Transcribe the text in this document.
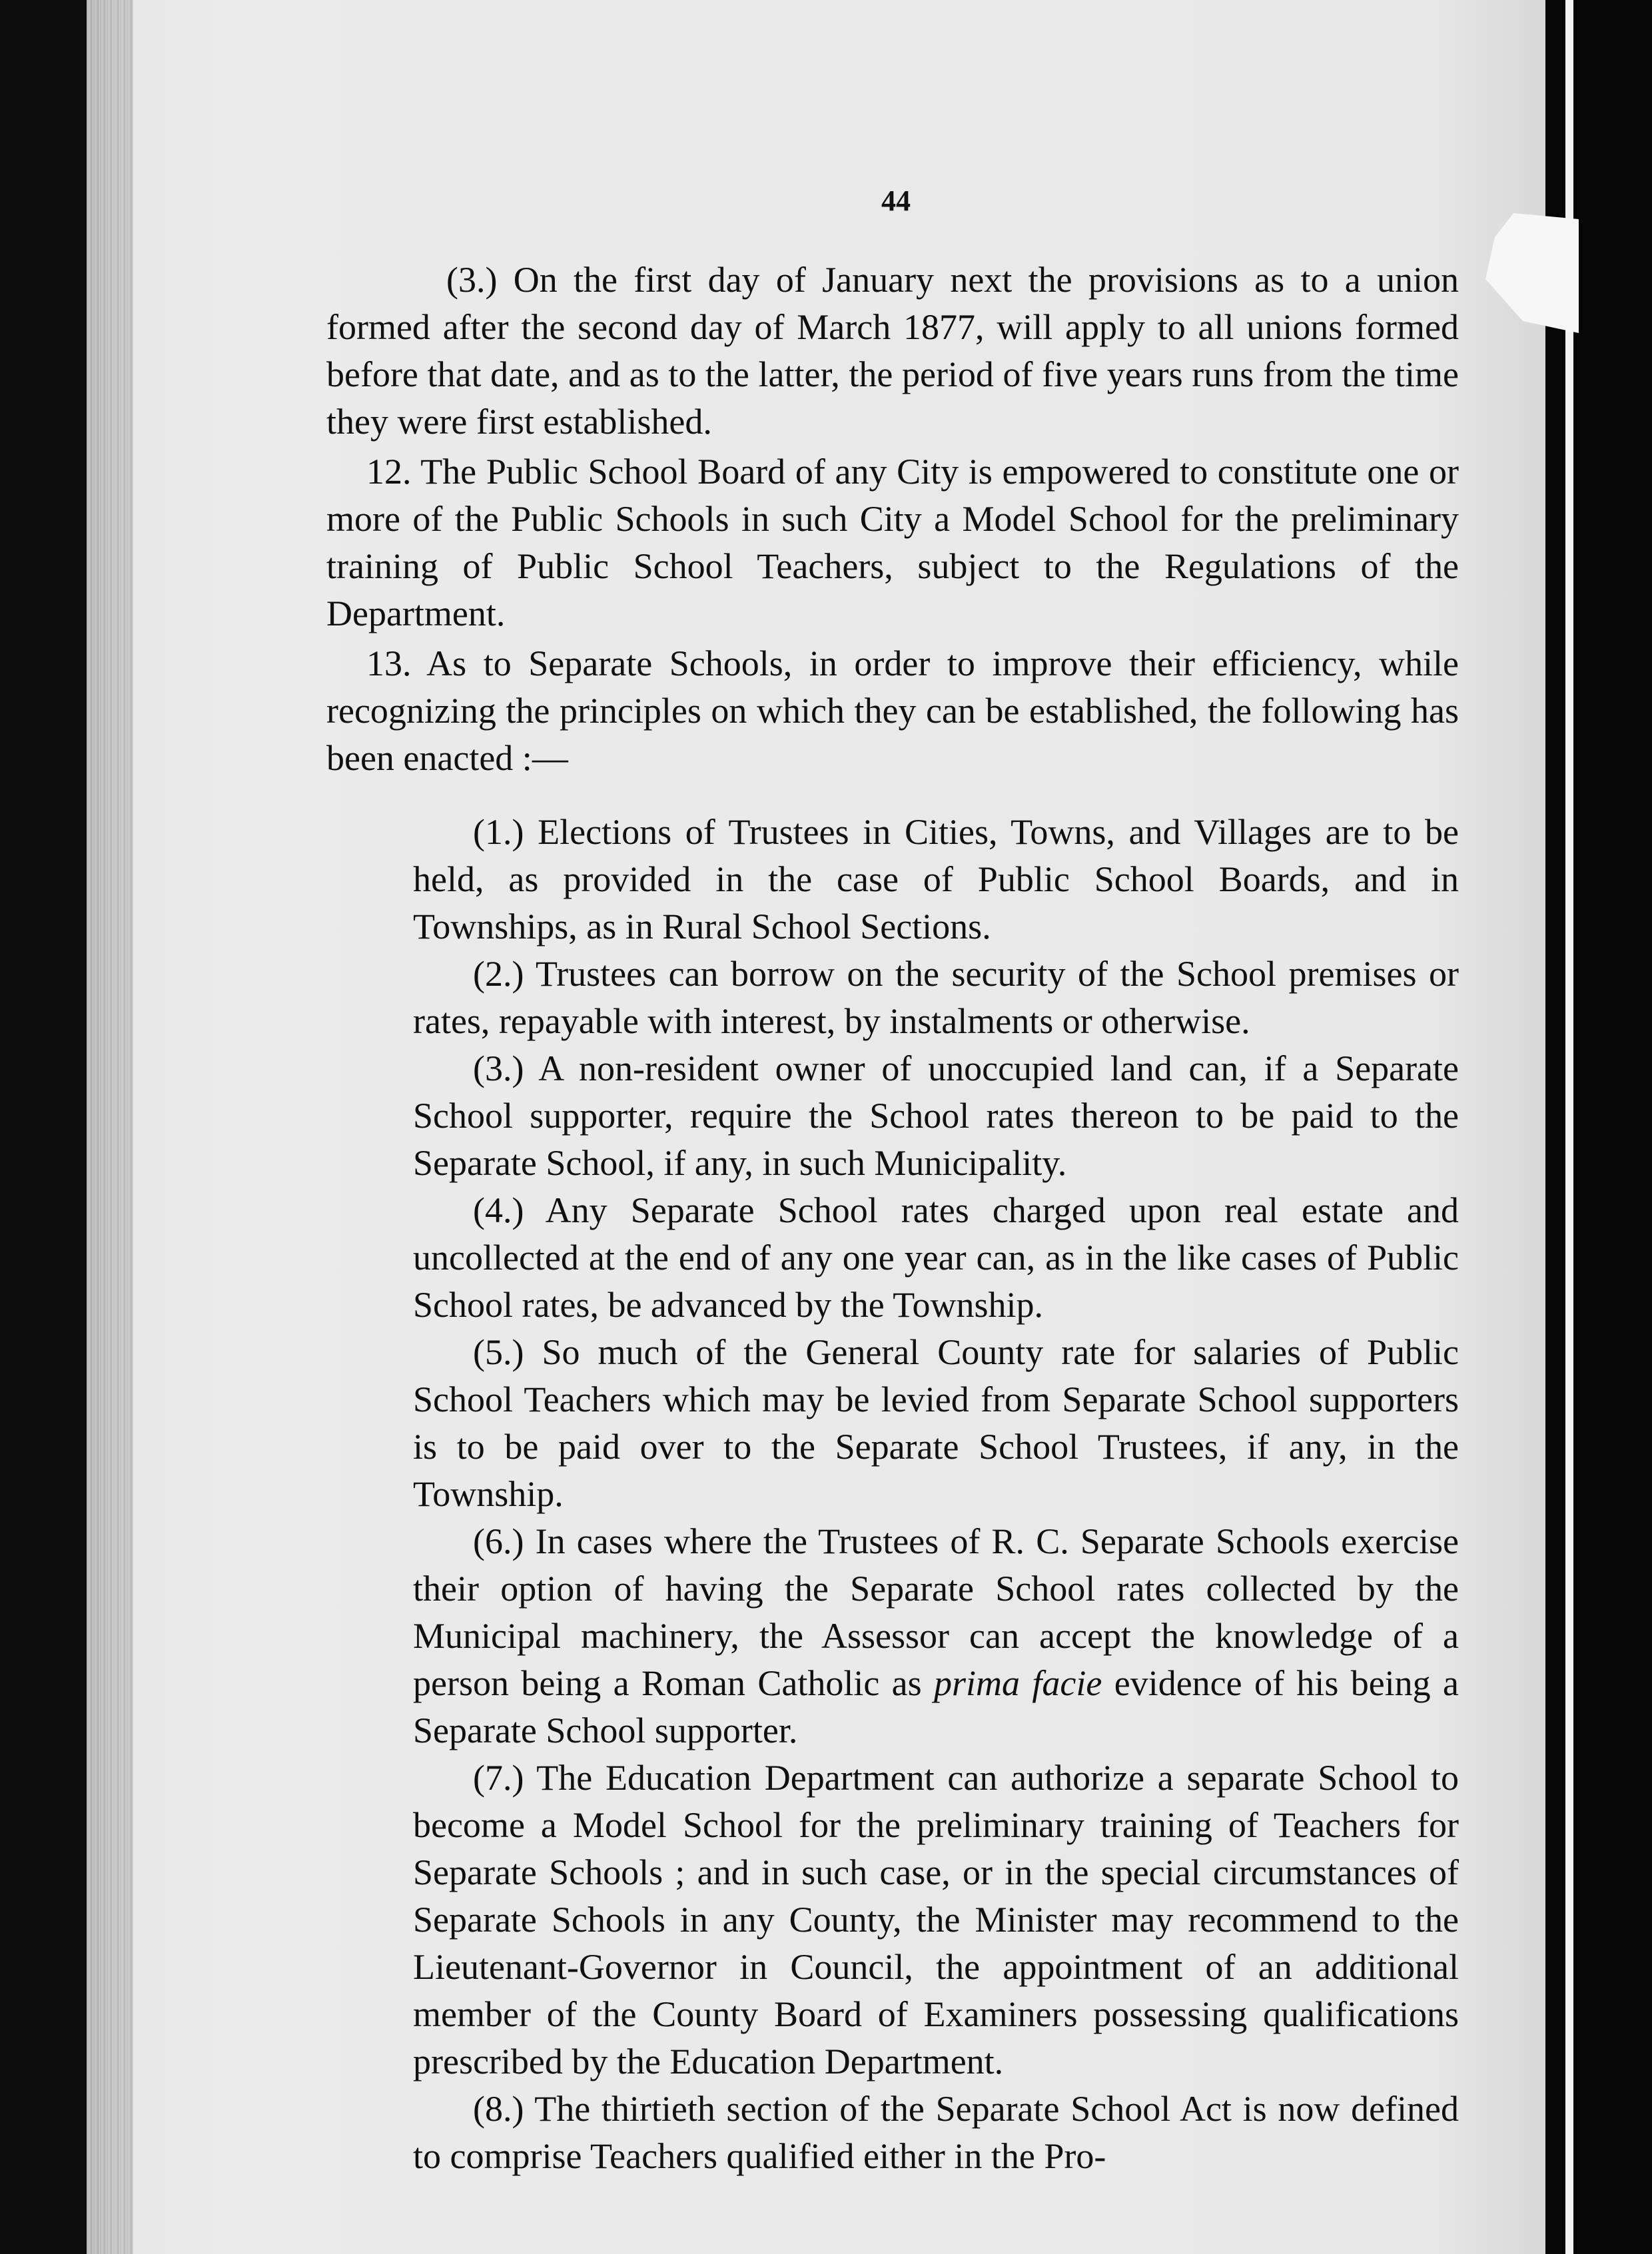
44

(3.) On the first day of January next the provisions as to a union formed after the second day of March 1877, will apply to all unions formed before that date, and as to the latter, the period of five years runs from the time they were first established.

12. The Public School Board of any City is empowered to constitute one or more of the Public Schools in such City a Model School for the preliminary training of Public School Teachers, subject to the Regulations of the Department.

13. As to Separate Schools, in order to improve their efficiency, while recognizing the principles on which they can be established, the following has been enacted :—

(1.) Elections of Trustees in Cities, Towns, and Villages are to be held, as provided in the case of Public School Boards, and in Townships, as in Rural School Sections.

(2.) Trustees can borrow on the security of the School premises or rates, repayable with interest, by instalments or otherwise.

(3.) A non-resident owner of unoccupied land can, if a Separate School supporter, require the School rates thereon to be paid to the Separate School, if any, in such Municipality.

(4.) Any Separate School rates charged upon real estate and uncollected at the end of any one year can, as in the like cases of Public School rates, be advanced by the Township.

(5.) So much of the General County rate for salaries of Public School Teachers which may be levied from Separate School supporters is to be paid over to the Separate School Trustees, if any, in the Township.

(6.) In cases where the Trustees of R. C. Separate Schools exercise their option of having the Separate School rates collected by the Municipal machinery, the Assessor can accept the knowledge of a person being a Roman Catholic as prima facie evidence of his being a Separate School supporter.

(7.) The Education Department can authorize a separate School to become a Model School for the preliminary training of Teachers for Separate Schools ; and in such case, or in the special circumstances of Separate Schools in any County, the Minister may recommend to the Lieutenant-Governor in Council, the appointment of an additional member of the County Board of Examiners possessing qualifications prescribed by the Education Department.

(8.) The thirtieth section of the Separate School Act is now defined to comprise Teachers qualified either in the Pro-
